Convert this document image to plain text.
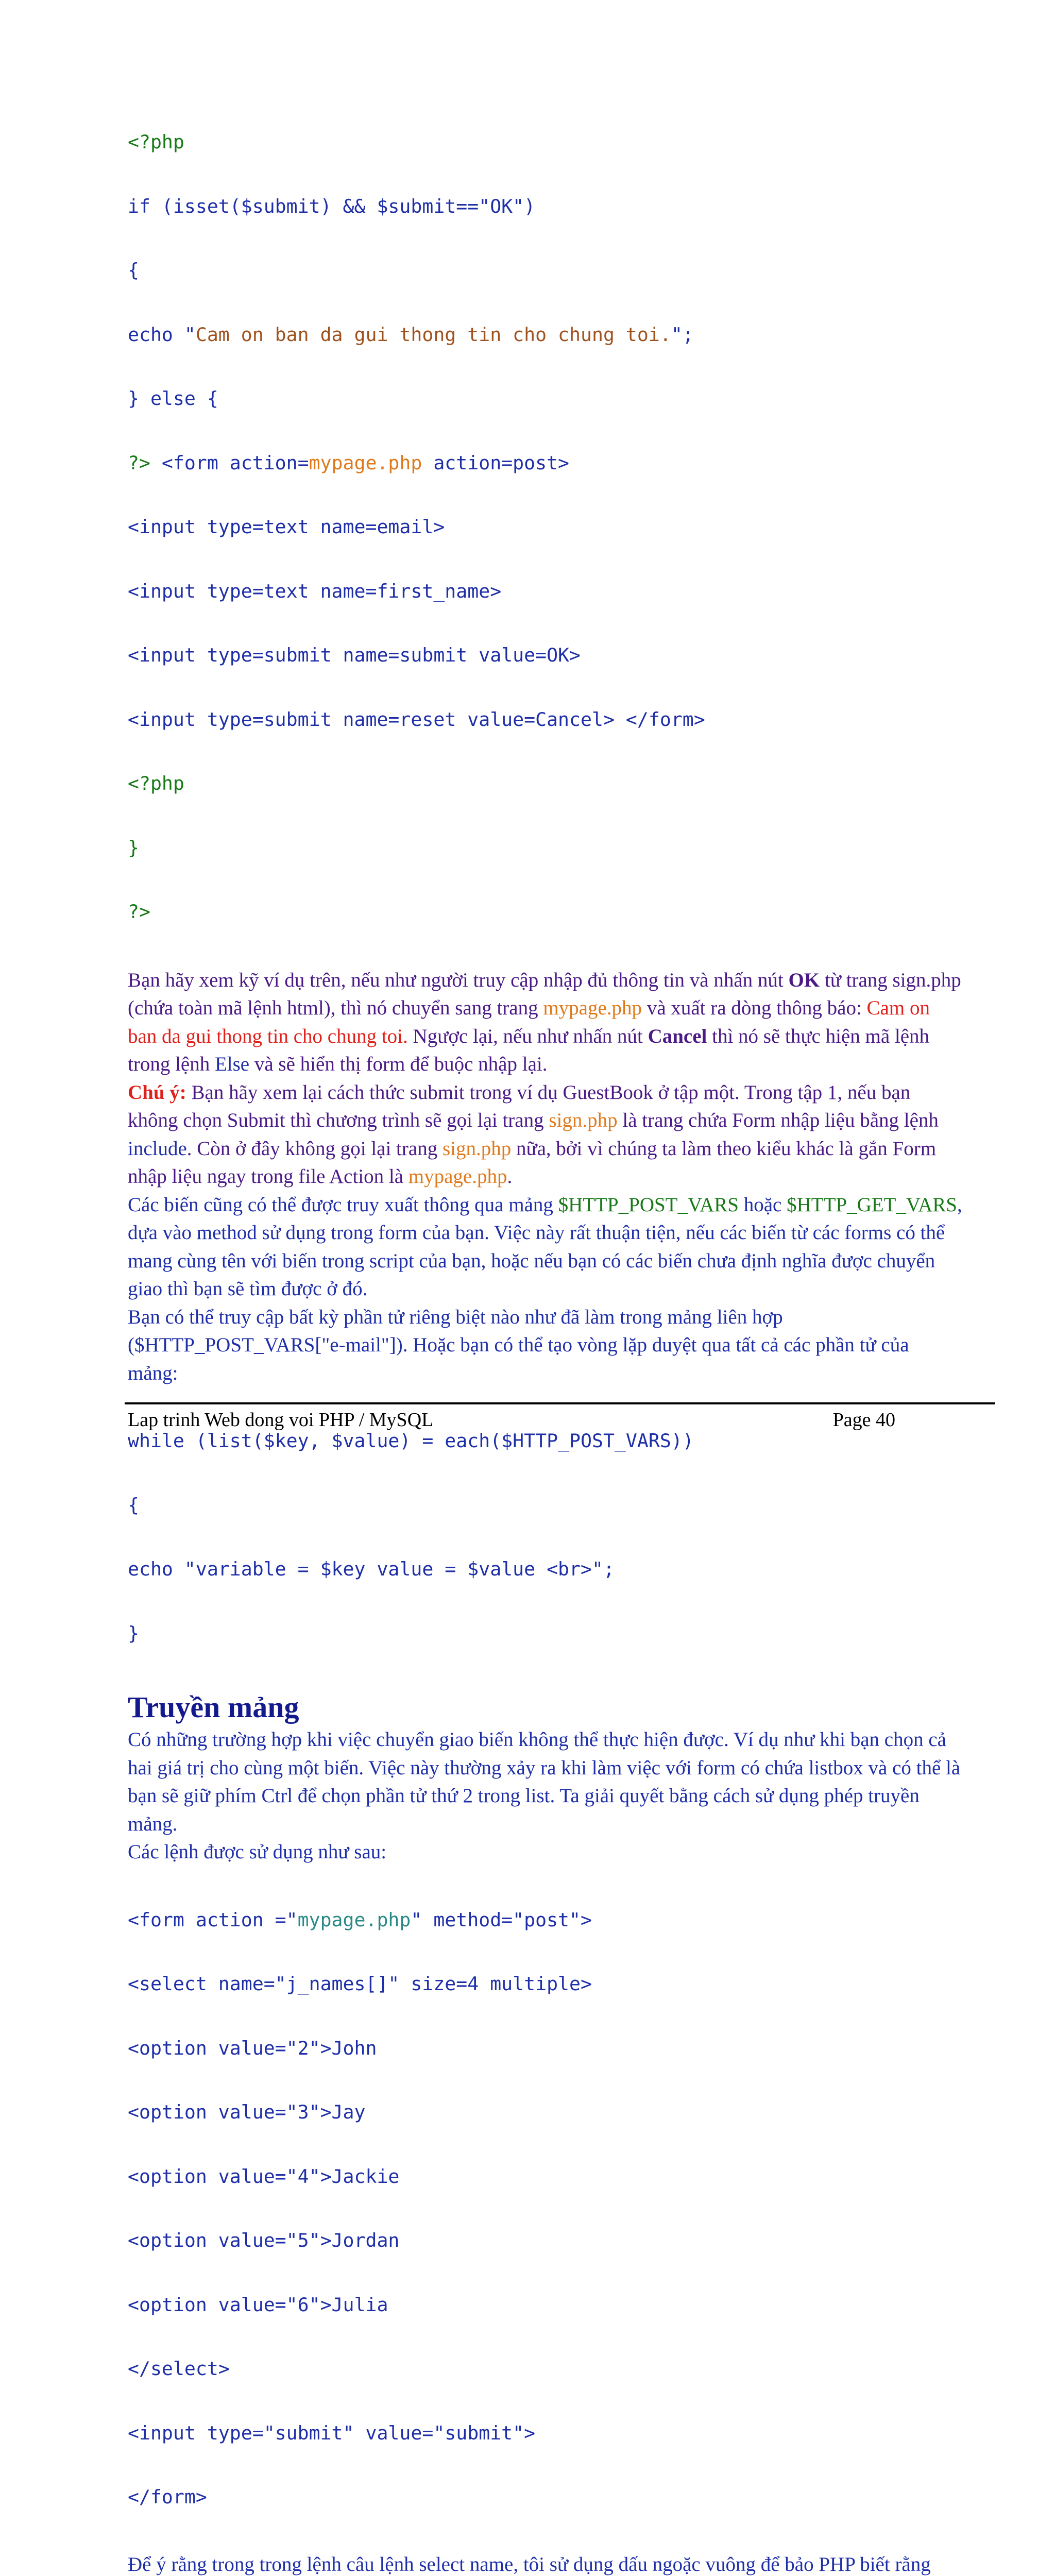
<?php

if (isset($submit) && $submit=="OK")

{

echo "Cam on ban da gui thong tin cho chung toi.";

} else {

?> <form action=mypage.php action=post>

<input type=text name=email>

<input type=text name=first_name>

<input type=submit name=submit value=OK>

<input type=submit name=reset value=Cancel> </form>

<?php

}

?>

Bạn hãy xem kỹ ví dụ trên, nếu như người truy cập nhập đủ thông tin và nhấn nút OK từ trang sign.php (chứa toàn mã lệnh html), thì nó chuyển sang trang mypage.php và xuất ra dòng thông báo: Cam on ban da gui thong tin cho chung toi. Ngược lại, nếu như nhấn nút Cancel thì nó sẽ thực hiện mã lệnh trong lệnh Else và sẽ hiển thị form để buộc nhập lại.

Chú ý: Bạn hãy xem lại cách thức submit trong ví dụ GuestBook ở tập một. Trong tập 1, nếu bạn không chọn Submit thì chương trình sẽ gọi lại trang sign.php là trang chứa Form nhập liệu bằng lệnh include. Còn ở đây không gọi lại trang sign.php nữa, bởi vì chúng ta làm theo kiểu khác là gắn Form nhập liệu ngay trong file Action là mypage.php.

Các biến cũng có thể được truy xuất thông qua mảng $HTTP_POST_VARS hoặc $HTTP_GET_VARS, dựa vào method sử dụng trong form của bạn. Việc này rất thuận tiện, nếu các biến từ các forms có thể mang cùng tên với biến trong script của bạn, hoặc nếu bạn có các biến chưa định nghĩa được chuyển giao thì bạn sẽ tìm được ở đó.

Bạn có thể truy cập bất kỳ phần tử riêng biệt nào như đã làm trong mảng liên hợp ($HTTP_POST_VARS["e-mail"]). Hoặc bạn có thể tạo vòng lặp duyệt qua tất cả các phần tử của mảng:

while (list($key, $value) = each($HTTP_POST_VARS))

{

echo "variable = $key value = $value <br>";

}

Truyền mảng

Có những trường hợp khi việc chuyển giao biến không thể thực hiện được. Ví dụ như khi bạn chọn cả hai giá trị cho cùng một biến. Việc này thường xảy ra khi làm việc với form có chứa listbox và có thể là bạn sẽ giữ phím Ctrl để chọn phần tử thứ 2 trong list. Ta giải quyết bằng cách sử dụng phép truyền mảng.

Các lệnh được sử dụng như sau:

<form action ="mypage.php" method="post">

<select name="j_names[]" size=4 multiple>

<option value="2">John

<option value="3">Jay

<option value="4">Jackie

<option value="5">Jordan

<option value="6">Julia

</select>

<input type="submit" value="submit">

</form>

Để ý rằng trong trong lệnh câu lệnh select name, tôi sử dụng dấu ngoặc vuông để bảo PHP biết rằng

Lap trinh Web dong voi PHP / MySQL	Page 40
